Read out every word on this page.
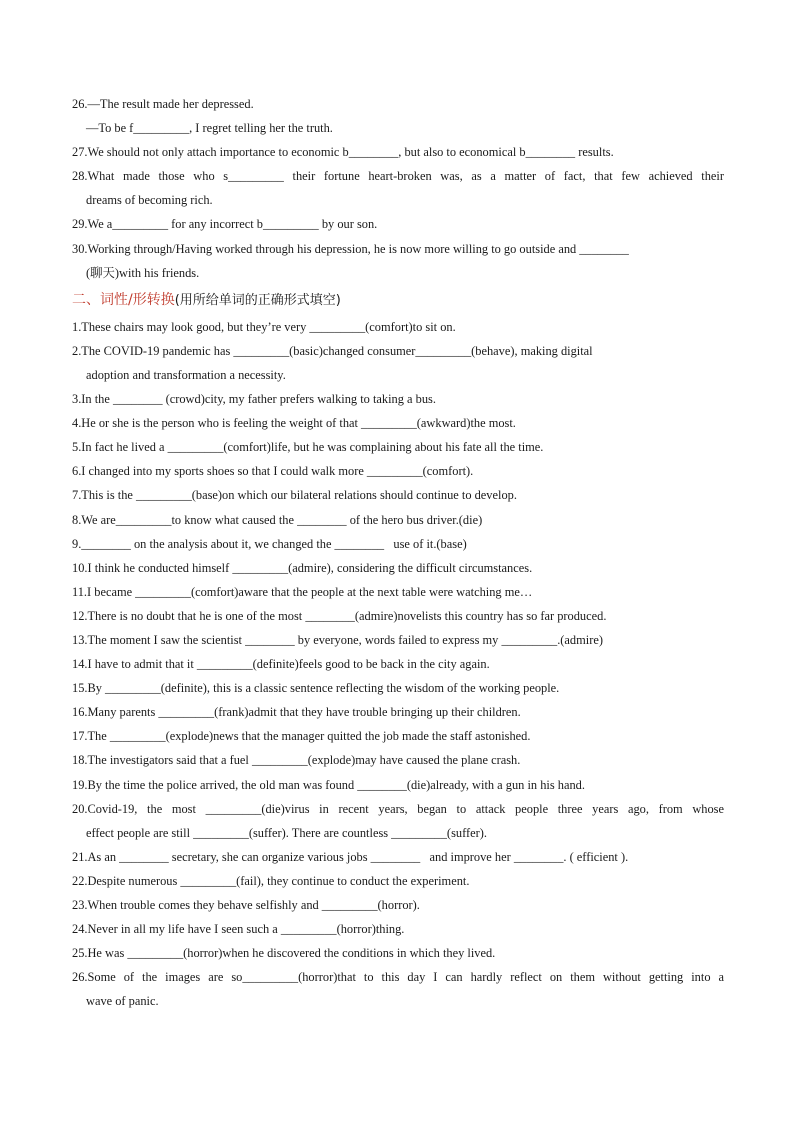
26.—The result made her depressed.
—To be f_________, I regret telling her the truth.
27.We should not only attach importance to economic b________, but also to economical b________ results.
28.What made those who s_________ their fortune heart-broken was, as a matter of fact, that few achieved their
dreams of becoming rich.
29.We a_________ for any incorrect b_________ by our son.
30.Working through/Having worked through his depression, he is now more willing to go outside and ________
(聊天)with his friends.
二、词性/形转换(用所给单词的正确形式填空)
1.These chairs may look good, but they’re very _________(comfort)to sit on.
2.The COVID-19 pandemic has _________(basic)changed consumer_________(behave), making digital
adoption and transformation a necessity.
3.In the ________ (crowd)city, my father prefers walking to taking a bus.
4.He or she is the person who is feeling the weight of that _________(awkward)the most.
5.In fact he lived a _________(comfort)life, but he was complaining about his fate all the time.
6.I changed into my sports shoes so that I could walk more _________(comfort).
7.This is the _________(base)on which our bilateral relations should continue to develop.
8.We are_________to know what caused the ________ of the hero bus driver.(die)
9.________ on the analysis about it, we changed the ________   use of it.(base)
10.I think he conducted himself _________(admire), considering the difficult circumstances.
11.I became _________(comfort)aware that the people at the next table were watching me…
12.There is no doubt that he is one of the most ________(admire)novelists this country has so far produced.
13.The moment I saw the scientist ________ by everyone, words failed to express my _________.(admire)
14.I have to admit that it _________(definite)feels good to be back in the city again.
15.By _________(definite), this is a classic sentence reflecting the wisdom of the working people.
16.Many parents _________(frank)admit that they have trouble bringing up their children.
17.The _________(explode)news that the manager quitted the job made the staff astonished.
18.The investigators said that a fuel _________(explode)may have caused the plane crash.
19.By the time the police arrived, the old man was found ________(die)already, with a gun in his hand.
20.Covid-19, the most _________(die)virus in recent years, began to attack people three years ago, from whose
effect people are still _________(suffer). There are countless _________(suffer).
21.As an ________ secretary, she can organize various jobs ________   and improve her ________. ( efficient ).
22.Despite numerous _________(fail), they continue to conduct the experiment.
23.When trouble comes they behave selfishly and _________(horror).
24.Never in all my life have I seen such a _________(horror)thing.
25.He was _________(horror)when he discovered the conditions in which they lived.
26.Some of the images are so_________(horror)that to this day I can hardly reflect on them without getting into a
wave of panic.
